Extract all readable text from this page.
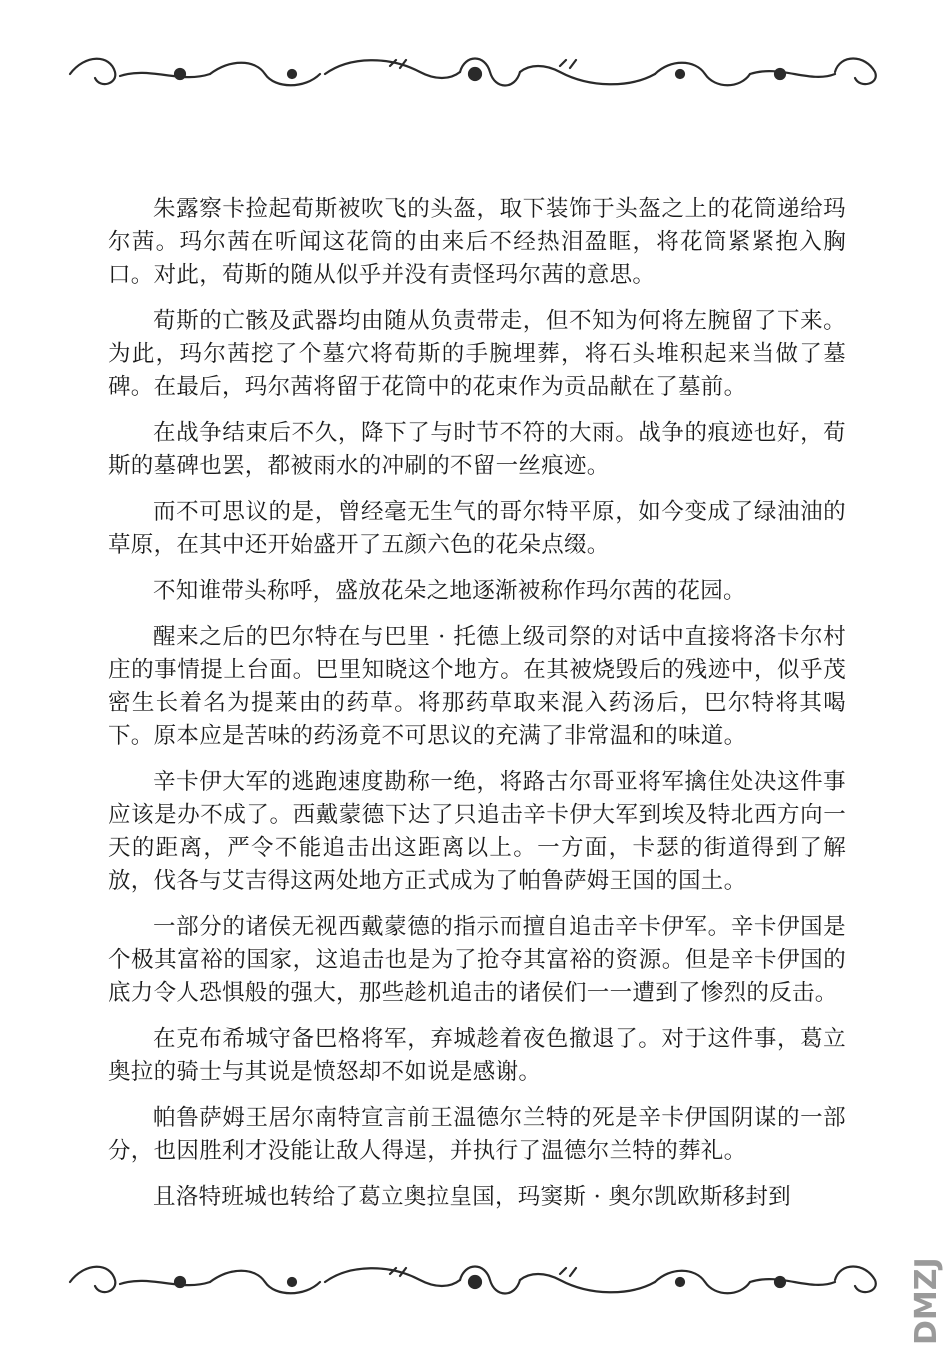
朱露察卡捡起荀斯被吹飞的头盔，取下装饰于头盔之上的花筒递给玛尔茜。玛尔茜在听闻这花筒的由来后不经热泪盈眶，将花筒紧紧抱入胸口。对此，荀斯的随从似乎并没有责怪玛尔茜的意思。

荀斯的亡骸及武器均由随从负责带走，但不知为何将左腕留了下来。为此，玛尔茜挖了个墓穴将荀斯的手腕埋葬，将石头堆积起来当做了墓碑。在最后，玛尔茜将留于花筒中的花束作为贡品献在了墓前。

在战争结束后不久，降下了与时节不符的大雨。战争的痕迹也好，荀斯的墓碑也罢，都被雨水的冲刷的不留一丝痕迹。

而不可思议的是，曾经毫无生气的哥尔特平原，如今变成了绿油油的草原，在其中还开始盛开了五颜六色的花朵点缀。

不知谁带头称呼，盛放花朵之地逐渐被称作玛尔茜的花园。

醒来之后的巴尔特在与巴里 · 托德上级司祭的对话中直接将洛卡尔村庄的事情提上台面。巴里知晓这个地方。在其被烧毁后的残迹中，似乎茂密生长着名为提莱由的药草。将那药草取来混入药汤后，巴尔特将其喝下。原本应是苦味的药汤竟不可思议的充满了非常温和的味道。

辛卡伊大军的逃跑速度勘称一绝，将路古尔哥亚将军擒住处决这件事应该是办不成了。西戴蒙德下达了只追击辛卡伊大军到埃及特北西方向一天的距离，严令不能追击出这距离以上。一方面，卡瑟的街道得到了解放，伐各与艾吉得这两处地方正式成为了帕鲁萨姆王国的国土。

一部分的诸侯无视西戴蒙德的指示而擅自追击辛卡伊军。辛卡伊国是个极其富裕的国家，这追击也是为了抢夺其富裕的资源。但是辛卡伊国的底力令人恐惧般的强大，那些趁机追击的诸侯们一一遭到了惨烈的反击。

在克布希城守备巴格将军，弃城趁着夜色撤退了。对于这件事，葛立奥拉的骑士与其说是愤怒却不如说是感谢。

帕鲁萨姆王居尔南特宣言前王温德尔兰特的死是辛卡伊国阴谋的一部分，也因胜利才没能让敌人得逞，并执行了温德尔兰特的葬礼。

且洛特班城也转给了葛立奥拉皇国，玛窦斯 · 奥尔凯欧斯移封到

DMZJ
